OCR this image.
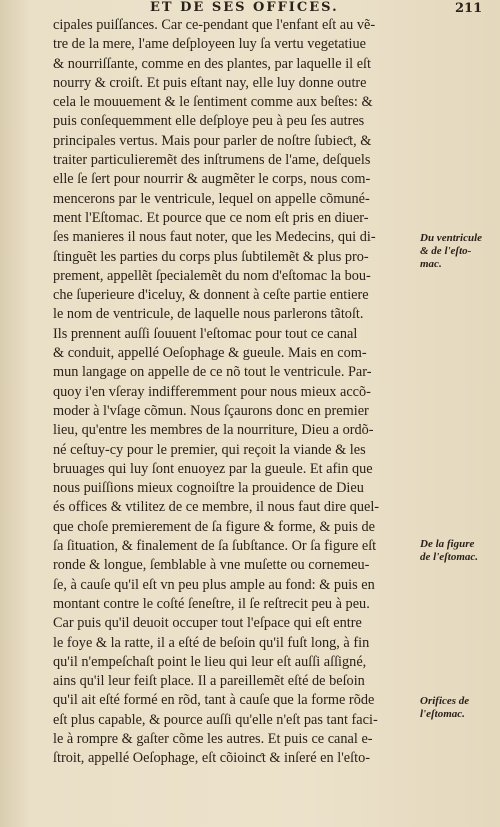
ET DE SES OFFICES.	211
cipales puiſſances. Car ce-pendant que l'enfant eſt au vẽ-
tre de la mere, l'ame deſployeen luy ſa vertu vegetatiue
& nourriſſante, comme en des plantes, par laquelle il eſt
nourry & croiſt. Et puis eſtant nay, elle luy donne outre
cela le mouuement & le ſentiment comme aux beſtes: &
puis conſequemment elle deſploye peu à peu ſes autres
principales vertus. Mais pour parler de noſtre ſubieƈt, &
traiter particulieremẽt des inſtrumens de l'ame, deſquels
elle ſe ſert pour nourrir & augmẽter le corps, nous com-
mencerons par le ventricule, lequel on appelle cõmuné-
ment l'Eſtomac. Et pource que ce nom eſt pris en diuer-
ſes manieres il nous faut noter, que les Medecins, qui di-
ſtinguẽt les parties du corps plus ſubtilemẽt & plus pro-
prement, appellẽt ſpecialemẽt du nom d'eſtomac la bou-
che ſuperieure d'iceluy, & donnent à ceſte partie entiere
le nom de ventricule, de laquelle nous parlerons tãtoſt.
Ils prennent auſſi ſouuent l'eſtomac pour tout ce canal
& conduit, appellé Oeſophage & gueule. Mais en com-
mun langage on appelle de ce nõ tout le ventricule. Par-
quoy i'en vſeray indifferemment pour nous mieux accõ-
moder à l'vſage cõmun. Nous ſçaurons donc en premier
lieu, qu'entre les membres de la nourriture, Dieu a ordõ-
né ceſtuy-cy pour le premier, qui reçoit la viande & les
bruuages qui luy ſont enuoyez par la gueule. Et afin que
nous puiſſions mieux cognoiſtre la prouidence de Dieu
és offices & vtilitez de ce membre, il nous faut dire quel-
que choſe premierement de ſa figure & forme, & puis de
ſa ſituation, & finalement de ſa ſubſtance. Or ſa figure eſt
ronde & longue, ſemblable à vne muſette ou cornemeu-
ſe, à cauſe qu'il eſt vn peu plus ample au fond: & puis en
montant contre le coſté ſeneſtre, il ſe reſtrecit peu à peu.
Car puis qu'il deuoit occuper tout l'eſpace qui eſt entre
le foye & la ratte, il a eſté de beſoin qu'il fuſt long, à fin
qu'il n'empeſchaſt point le lieu qui leur eſt auſſi aſſigné,
ains qu'il leur feiſt place. Il a pareillemẽt eſté de beſoin
qu'il ait eſté formé en rõd, tant à cauſe que la forme rõde
eſt plus capable, & pource auſſi qu'elle n'eſt pas tant faci-
le à rompre & gaſter cõme les autres. Et puis ce canal e-
ſtroit, appellé Oeſophage, eſt cõioinƈt & inſeré en l'eſto-
Du ventricule
& de l'eſto-
mac.
De la figure
de l'eſtomac.
Orifices de
l'eſtomac.
